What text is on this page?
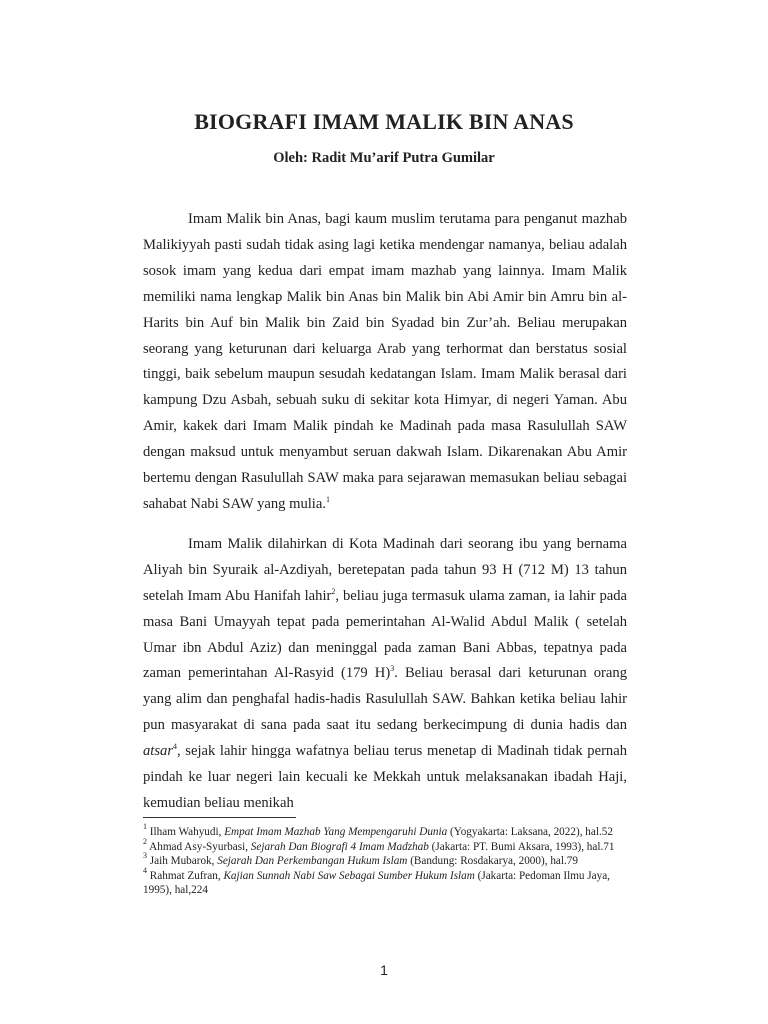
BIOGRAFI IMAM MALIK BIN ANAS

Oleh: Radit Mu’arif Putra Gumilar

Imam Malik bin Anas, bagi kaum muslim terutama para penganut mazhab Malikiyyah pasti sudah tidak asing lagi ketika mendengar namanya, beliau adalah sosok imam yang kedua dari empat imam mazhab yang lainnya. Imam Malik memiliki nama lengkap Malik bin Anas bin Malik bin Abi Amir bin Amru bin al-Harits bin Auf bin Malik bin Zaid bin Syadad bin Zur’ah. Beliau merupakan seorang yang keturunan dari keluarga Arab yang terhormat dan berstatus sosial tinggi, baik sebelum maupun sesudah kedatangan Islam. Imam Malik berasal dari kampung Dzu Asbah, sebuah suku di sekitar kota Himyar, di negeri Yaman. Abu Amir, kakek dari Imam Malik pindah ke Madinah pada masa Rasulullah SAW dengan maksud untuk menyambut seruan dakwah Islam. Dikarenakan Abu Amir bertemu dengan Rasulullah SAW maka para sejarawan memasukan beliau sebagai sahabat Nabi SAW yang mulia.$^1$

Imam Malik dilahirkan di Kota Madinah dari seorang ibu yang bernama Aliyah bin Syuraik al-Azdiyah, beretepatan pada tahun 93 H (712 M) 13 tahun setelah Imam Abu Hanifah lahir$^2$, beliau juga termasuk ulama zaman, ia lahir pada masa Bani Umayyah tepat pada pemerintahan Al-Walid Abdul Malik ( setelah Umar ibn Abdul Aziz) dan meninggal pada zaman Bani Abbas, tepatnya pada zaman pemerintahan Al-Rasyid (179 H)$^3$. Beliau berasal dari keturunan orang yang alim dan penghafal hadis-hadis Rasulullah SAW. Bahkan ketika beliau lahir pun masyarakat di sana pada saat itu sedang berkecimpung di dunia hadis dan atsar$^4$, sejak lahir hingga wafatnya beliau terus menetap di Madinah tidak pernah pindah ke luar negeri lain kecuali ke Mekkah untuk melaksanakan ibadah Haji, kemudian beliau menikah

$^1$ Ilham Wahyudi, Empat Imam Mazhab Yang Mempengaruhi Dunia (Yogyakarta: Laksana, 2022), hal.52

$^2$ Ahmad Asy-Syurbasi, Sejarah Dan Biografi 4 Imam Madzhab (Jakarta: PT. Bumi Aksara, 1993), hal.71

$^3$ Jaih Mubarok, Sejarah Dan Perkembangan Hukum Islam (Bandung: Rosdakarya, 2000), hal.79

$^4$ Rahmat Zufran, Kajian Sunnah Nabi Saw Sebagai Sumber Hukum Islam (Jakarta: Pedoman Ilmu Jaya, 1995), hal,224

1
